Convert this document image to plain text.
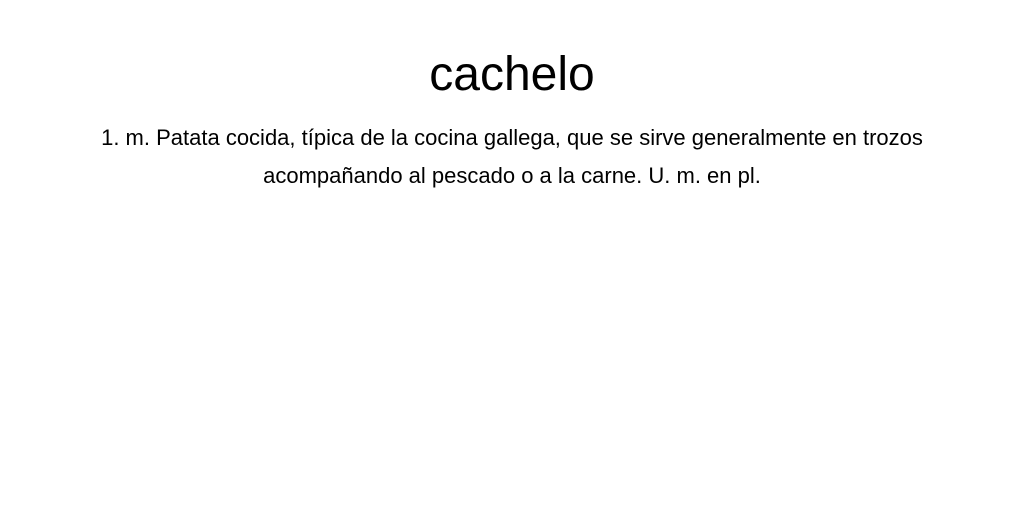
cachelo

1. m. Patata cocida, típica de la cocina gallega, que se sirve generalmente en trozos acompañando al pescado o a la carne. U. m. en pl.
